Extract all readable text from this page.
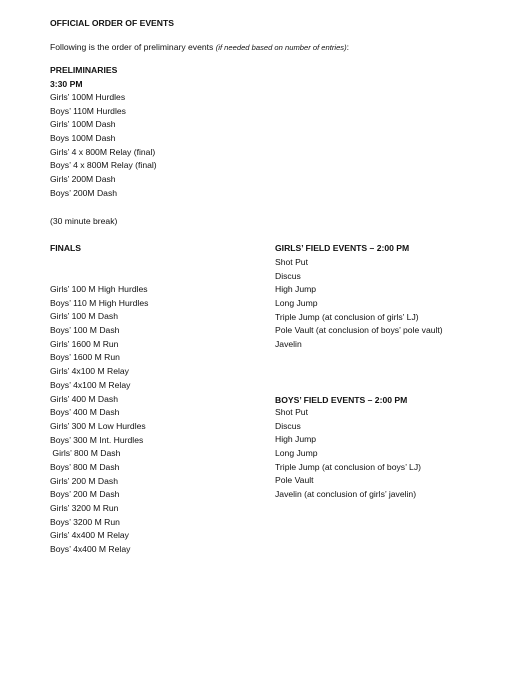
OFFICIAL ORDER OF EVENTS
Following is the order of preliminary events (if needed based on number of entries):
PRELIMINARIES
3:30 PM
Girls’ 100M Hurdles
Boys’ 110M Hurdles
Girls’ 100M Dash
Boys 100M Dash
Girls’ 4 x 800M Relay (final)
Boys’ 4 x 800M Relay (final)
Girls’ 200M Dash
Boys’ 200M Dash
(30 minute break)
FINALS
Girls’ 100 M High Hurdles
Boys’ 110 M High Hurdles
Girls’ 100 M Dash
Boys’ 100 M Dash
Girls’ 1600 M Run
Boys’ 1600 M Run
Girls’ 4x100 M Relay
Boys’ 4x100 M Relay
Girls’ 400 M Dash
Boys’ 400 M Dash
Girls’ 300 M Low Hurdles
Boys’ 300 M Int. Hurdles
Girls’ 800 M Dash
Boys’ 800 M Dash
Girls’ 200 M Dash
Boys’ 200 M Dash
Girls’ 3200 M Run
Boys’ 3200 M Run
Girls’ 4x400 M Relay
Boys’ 4x400 M Relay
GIRLS’ FIELD EVENTS – 2:00 PM
Shot Put
Discus
High Jump
Long Jump
Triple Jump (at conclusion of girls’ LJ)
Pole Vault (at conclusion of boys’ pole vault)
Javelin
BOYS’ FIELD EVENTS – 2:00 PM
Shot Put
Discus
High Jump
Long Jump
Triple Jump (at conclusion of boys’ LJ)
Pole Vault
Javelin (at conclusion of girls’ javelin)
